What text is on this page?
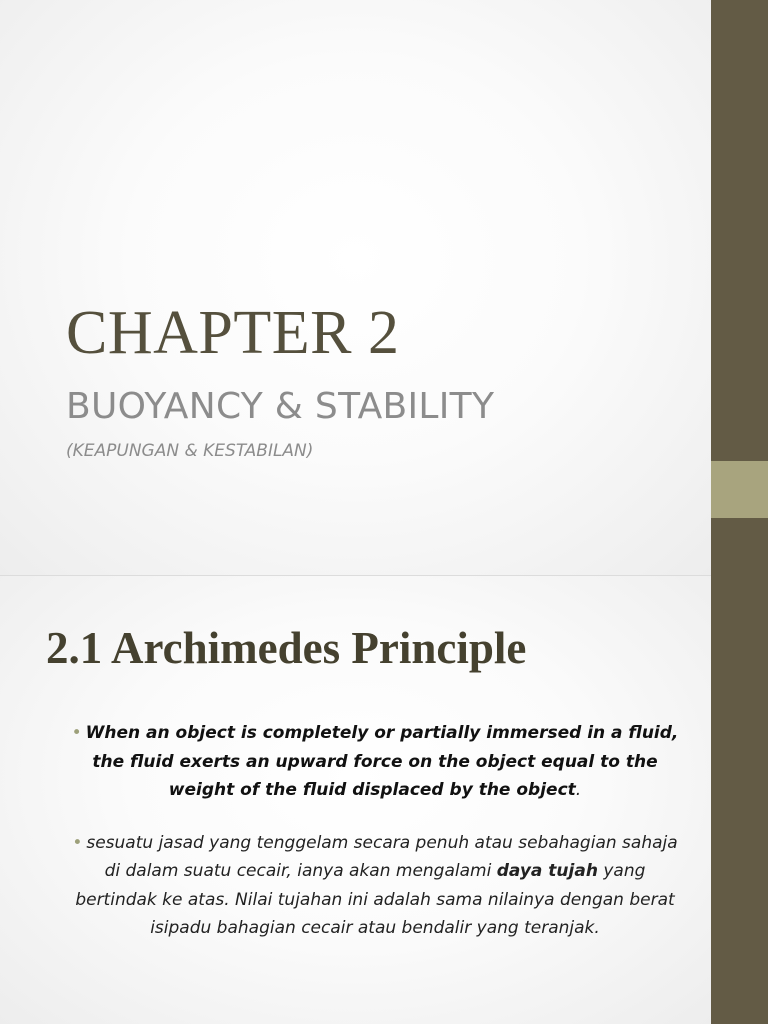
CHAPTER 2
BUOYANCY & STABILITY

(KEAPUNGAN & KESTABILAN)

2.1 Archimedes Principle
• When an object is completely or partially immersed in a fluid, the fluid exerts an upward force on the object equal to the weight of the fluid displaced by the object.
• sesuatu jasad yang tenggelam secara penuh atau sebahagian sahaja di dalam suatu cecair, ianya akan mengalami daya tujah yang bertindak ke atas. Nilai tujahan ini adalah sama nilainya dengan berat isipadu bahagian cecair atau bendalir yang teranjak.
